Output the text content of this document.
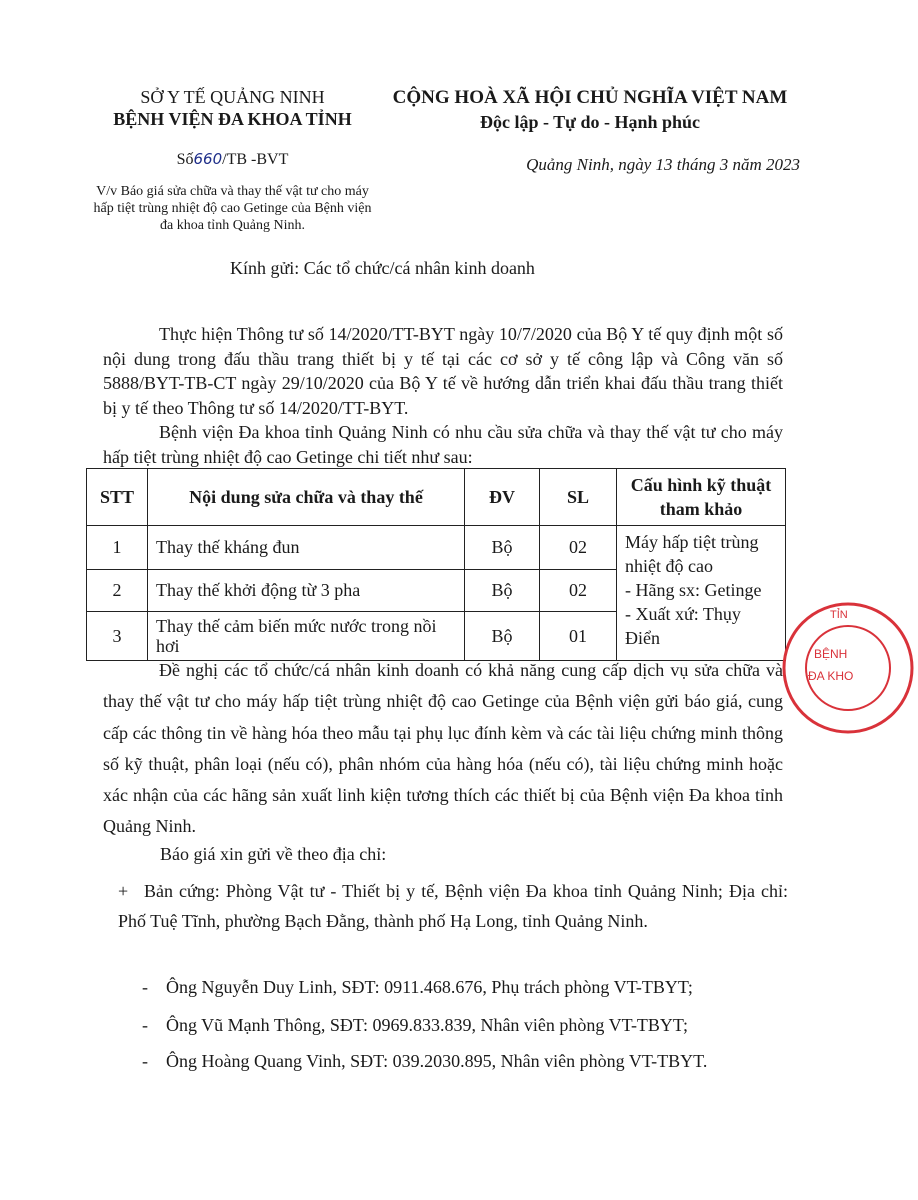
SỞ Y TẾ QUẢNG NINH
BỆNH VIỆN ĐA KHOA TỈNH
Số660/TB -BVT
V/v Báo giá sửa chữa và thay thế vật tư cho máy hấp tiệt trùng nhiệt độ cao Getinge của Bệnh viện đa khoa tỉnh Quảng Ninh.
CỘNG HOÀ XÃ HỘI CHỦ NGHĨA VIỆT NAM
Độc lập - Tự do - Hạnh phúc
Quảng Ninh, ngày 13 tháng 3 năm 2023
Kính gửi: Các tổ chức/cá nhân kinh doanh
Thực hiện Thông tư số 14/2020/TT-BYT ngày 10/7/2020 của Bộ Y tế quy định một số nội dung trong đấu thầu trang thiết bị y tế tại các cơ sở y tế công lập và Công văn số 5888/BYT-TB-CT ngày 29/10/2020 của Bộ Y tế về hướng dẫn triển khai đấu thầu trang thiết bị y tế theo Thông tư số 14/2020/TT-BYT.
Bệnh viện Đa khoa tỉnh Quảng Ninh có nhu cầu sửa chữa và thay thế vật tư cho máy hấp tiệt trùng nhiệt độ cao Getinge chi tiết như sau:
STT	Nội dung sửa chữa và thay thế	ĐV	SL	Cấu hình kỹ thuật tham khảo
1	Thay thế kháng đun	Bộ	02	Máy hấp tiệt trùng nhiệt độ cao
- Hãng sx: Getinge
- Xuất xứ: Thụy Điển

2	Thay thế khởi động từ 3 pha	Bộ	02	
3	Thay thế cảm biến mức nước trong nồi hơi	Bộ	01	
Đề nghị các tổ chức/cá nhân kinh doanh có khả năng cung cấp dịch vụ sửa chữa và thay thế vật tư cho máy hấp tiệt trùng nhiệt độ cao Getinge của Bệnh viện gửi báo giá, cung cấp các thông tin về hàng hóa theo mẫu tại phụ lục đính kèm và các tài liệu chứng minh thông số kỹ thuật, phân loại (nếu có), phân nhóm của hàng hóa (nếu có), tài liệu chứng minh hoặc xác nhận của các hãng sản xuất linh kiện tương thích các thiết bị của Bệnh viện Đa khoa tỉnh Quảng Ninh.
Báo giá xin gửi về theo địa chỉ:
+ Bản cứng: Phòng Vật tư - Thiết bị y tế, Bệnh viện Đa khoa tỉnh Quảng Ninh; Địa chỉ: Phố Tuệ Tĩnh, phường Bạch Đằng, thành phố Hạ Long, tỉnh Quảng Ninh.
- Ông Nguyễn Duy Linh, SĐT: 0911.468.676, Phụ trách phòng VT-TBYT;
- Ông Vũ Mạnh Thông, SĐT: 0969.833.839, Nhân viên phòng VT-TBYT;
- Ông Hoàng Quang Vinh, SĐT: 039.2030.895, Nhân viên phòng VT-TBYT.
TỈN
BỆNH
ĐA KHO
